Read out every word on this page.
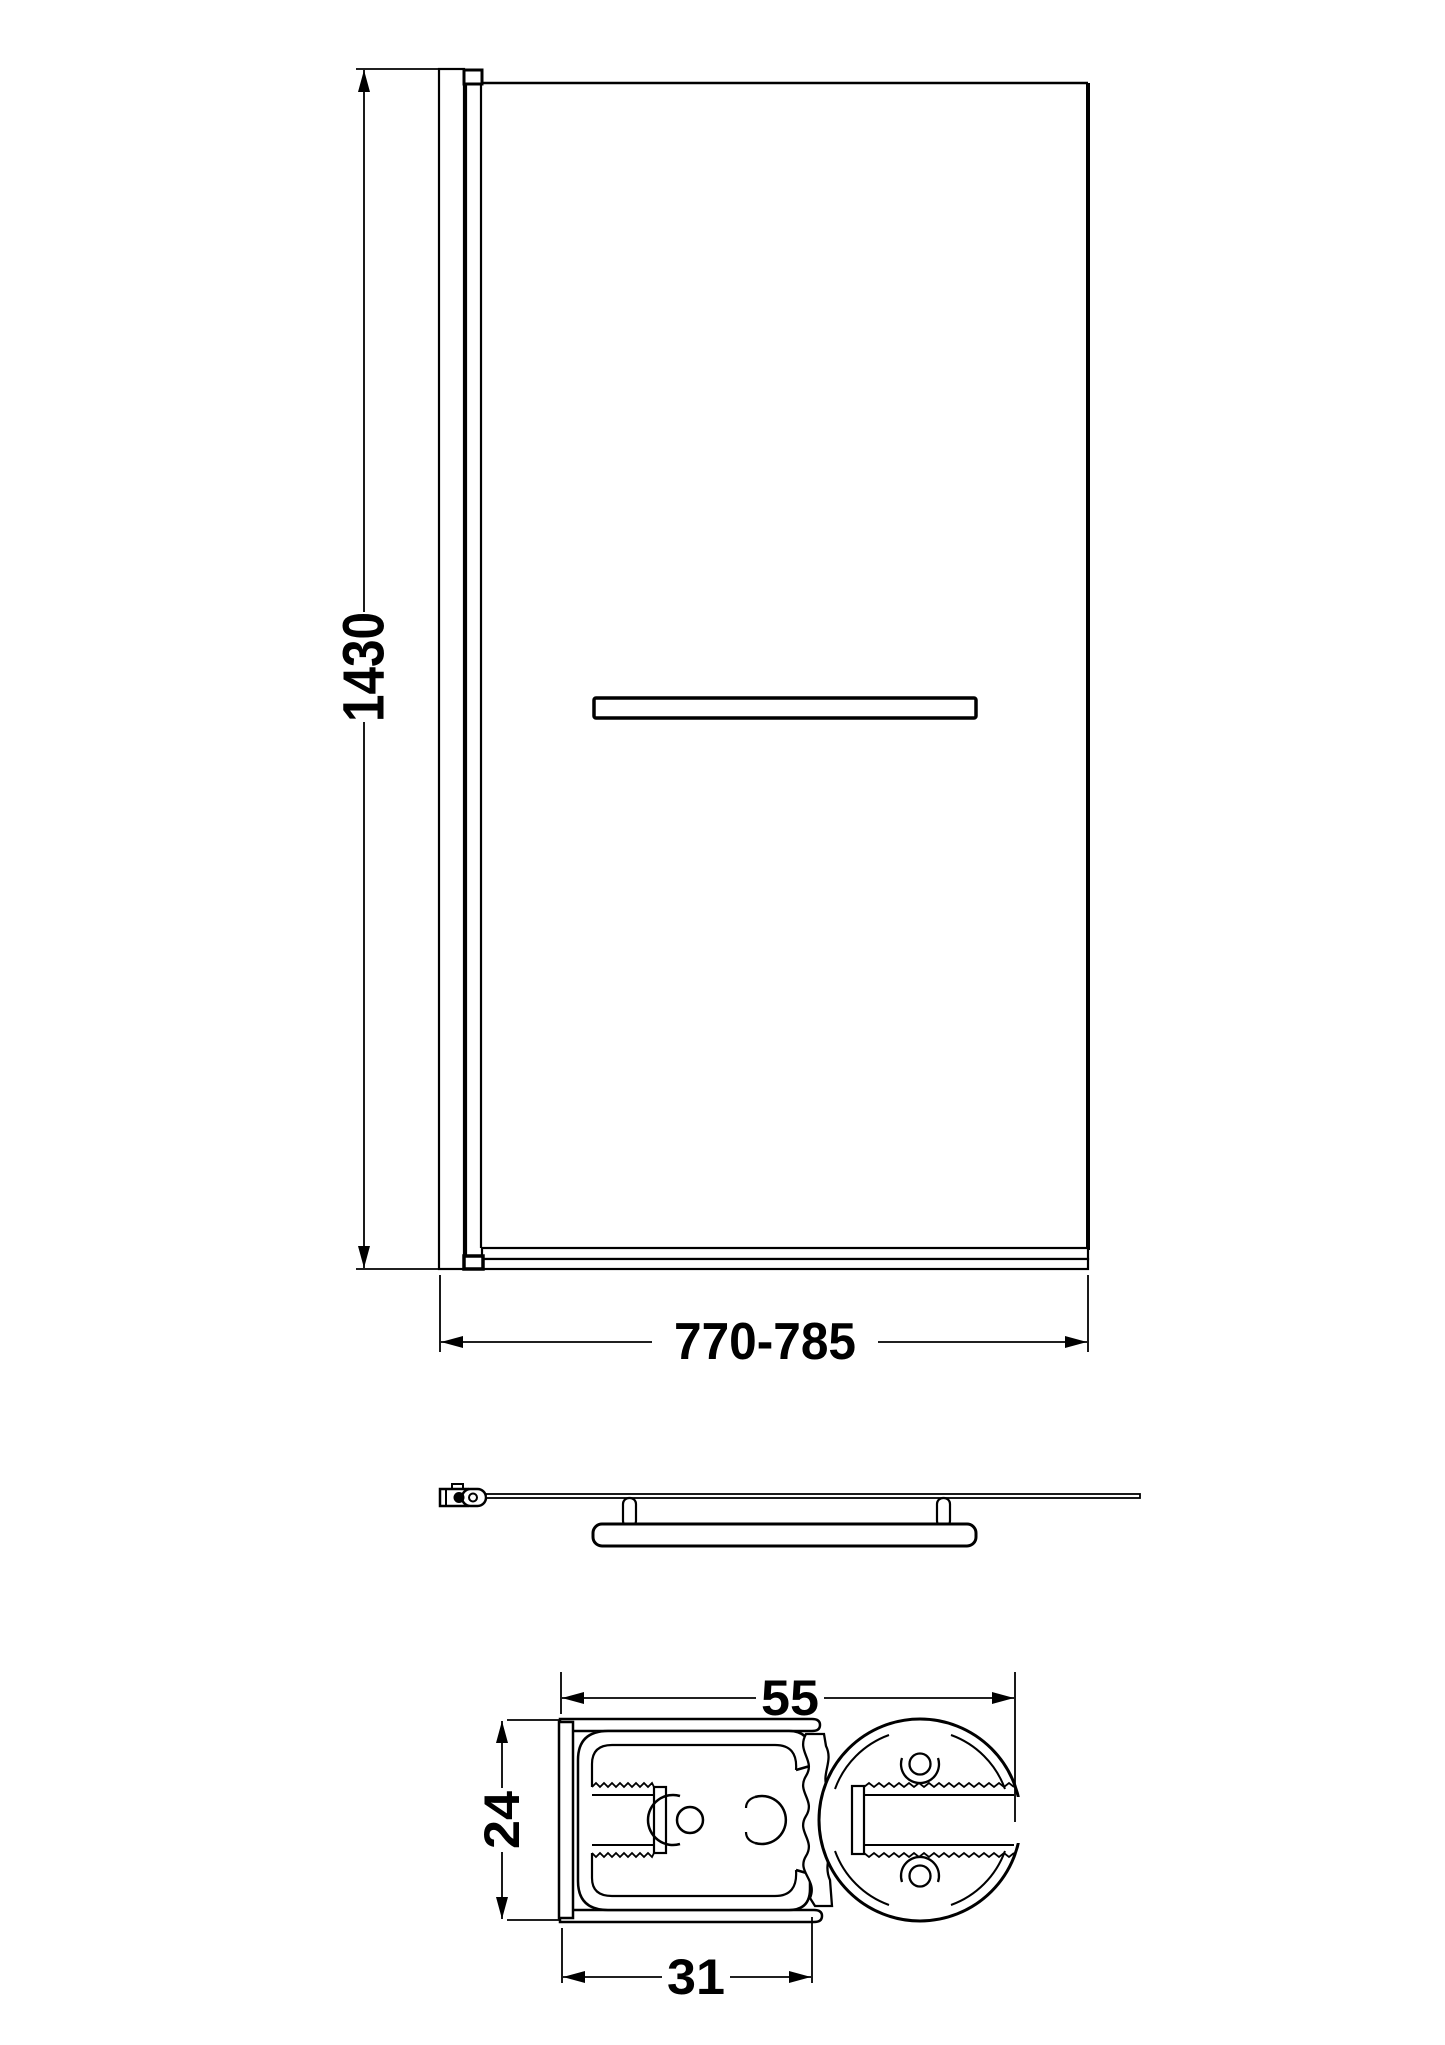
1430
770-785
55
24
31
